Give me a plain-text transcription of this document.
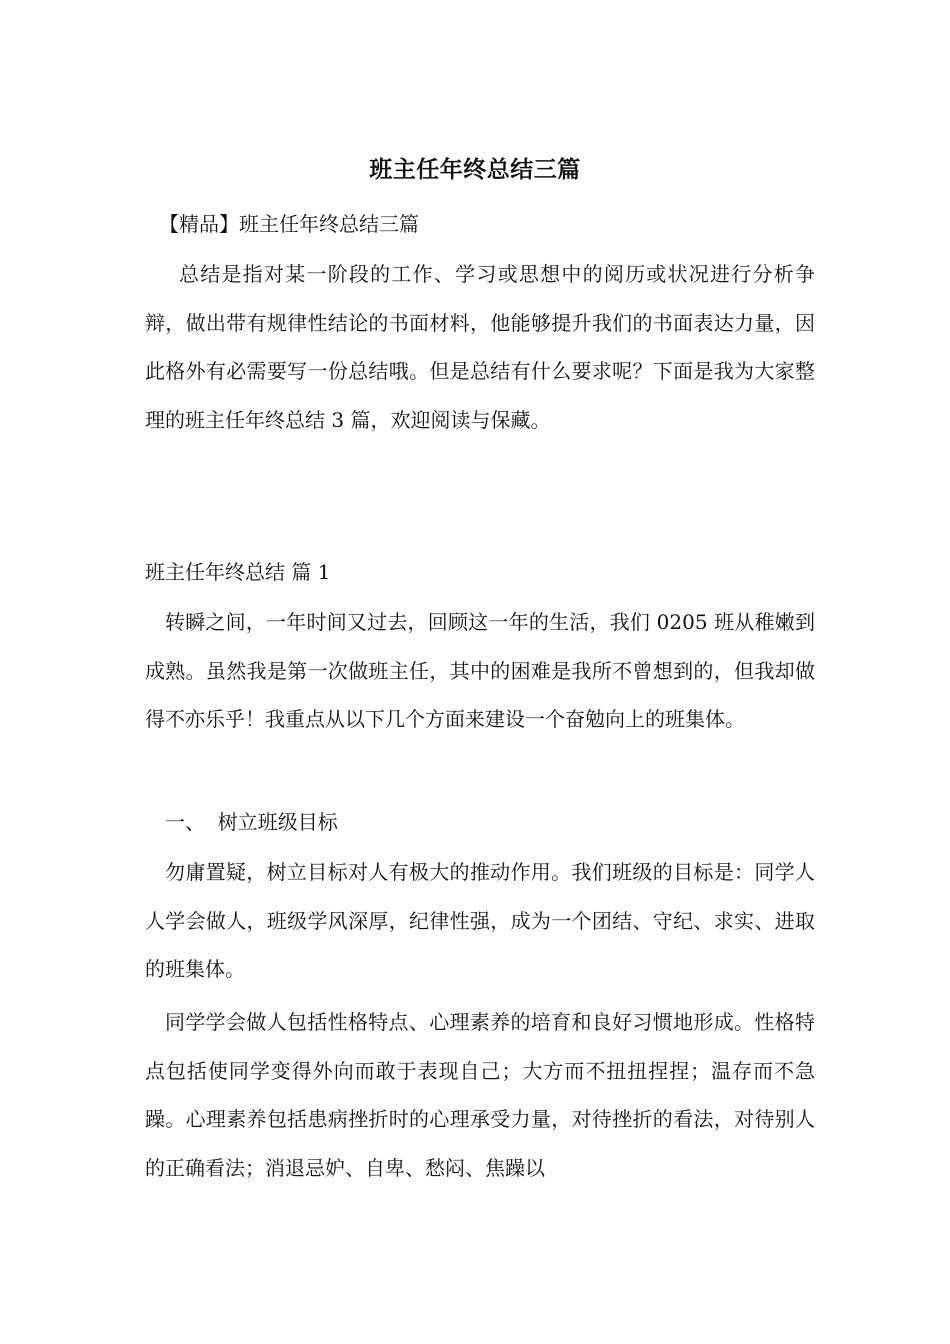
班主任年终总结三篇

【精品】班主任年终总结三篇

总结是指对某一阶段的工作、学习或思想中的阅历或状况进行分析争辩，做出带有规律性结论的书面材料，他能够提升我们的书面表达力量，因此格外有必需要写一份总结哦。但是总结有什么要求呢？下面是我为大家整理的班主任年终总结 3 篇，欢迎阅读与保藏。

班主任年终总结 篇 1

转瞬之间，一年时间又过去，回顾这一年的生活，我们 0205 班从稚嫩到成熟。虽然我是第一次做班主任，其中的困难是我所不曾想到的，但我却做得不亦乐乎！我重点从以下几个方面来建设一个奋勉向上的班集体。

一、  树立班级目标

勿庸置疑，树立目标对人有极大的推动作用。我们班级的目标是：同学人人学会做人，班级学风深厚，纪律性强，成为一个团结、守纪、求实、进取的班集体。

同学学会做人包括性格特点、心理素养的培育和良好习惯地形成。性格特点包括使同学变得外向而敢于表现自己；大方而不扭扭捏捏；温存而不急躁。心理素养包括患病挫折时的心理承受力量，对待挫折的看法，对待别人的正确看法；消退忌妒、自卑、愁闷、焦躁以
